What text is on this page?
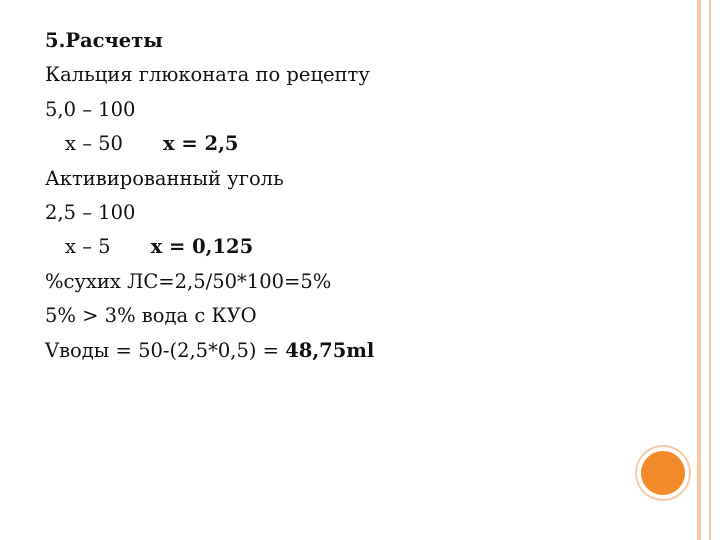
5.Расчеты
Кальция глюконата по рецепту
5,0 – 100
x – 50 x = 2,5
Активированный уголь
2,5 – 100
x – 5 x = 0,125
%сухих ЛС=2,5/50*100=5%
5% > 3% вода с КУО
Vводы = 50-(2,5*0,5) = 48,75ml
